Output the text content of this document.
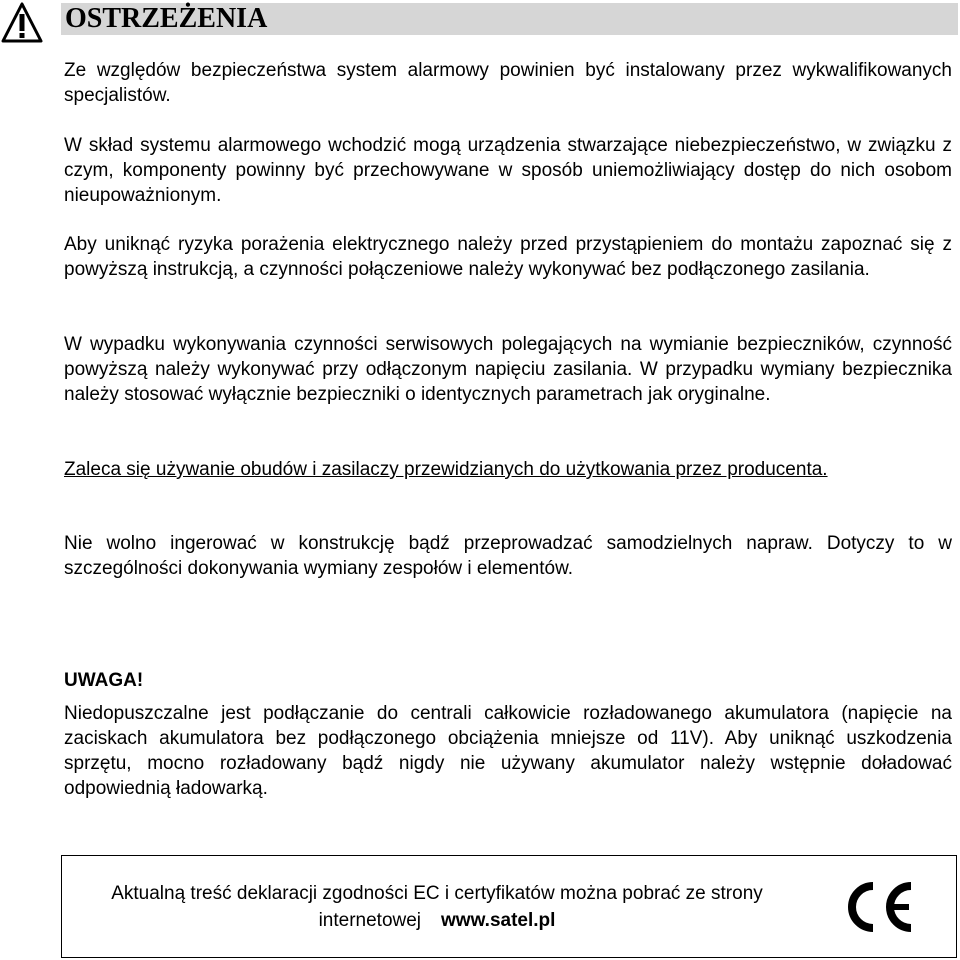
OSTRZEŻENIA

Ze względów bezpieczeństwa system alarmowy powinien być instalowany przez wykwalifikowanych specjalistów.

W skład systemu alarmowego wchodzić mogą urządzenia stwarzające niebezpieczeństwo, w związku z czym, komponenty powinny być przechowywane w sposób uniemożliwiający dostęp do nich osobom nieupoważnionym.

Aby uniknąć ryzyka porażenia elektrycznego należy przed przystąpieniem do montażu zapoznać się z powyższą instrukcją, a czynności połączeniowe należy wykonywać bez podłączonego zasilania.

W wypadku wykonywania czynności serwisowych polegających na wymianie bezpieczników, czynność powyższą należy wykonywać przy odłączonym napięciu zasilania. W przypadku wymiany bezpiecznika należy stosować wyłącznie bezpieczniki o identycznych parametrach jak oryginalne.

Zaleca się używanie obudów i zasilaczy przewidzianych do użytkowania przez producenta.

Nie wolno ingerować w konstrukcję bądź przeprowadzać samodzielnych napraw. Dotyczy to w szczególności dokonywania wymiany zespołów i elementów.

UWAGA!

Niedopuszczalne jest podłączanie do centrali całkowicie rozładowanego akumulatora (napięcie na zaciskach akumulatora bez podłączonego obciążenia mniejsze od 11V). Aby uniknąć uszkodzenia sprzętu, mocno rozładowany bądź nigdy nie używany akumulator należy wstępnie doładować odpowiednią ładowarką.

Aktualną treść deklaracji zgodności EC i certyfikatów można pobrać ze strony internetowej www.satel.pl
